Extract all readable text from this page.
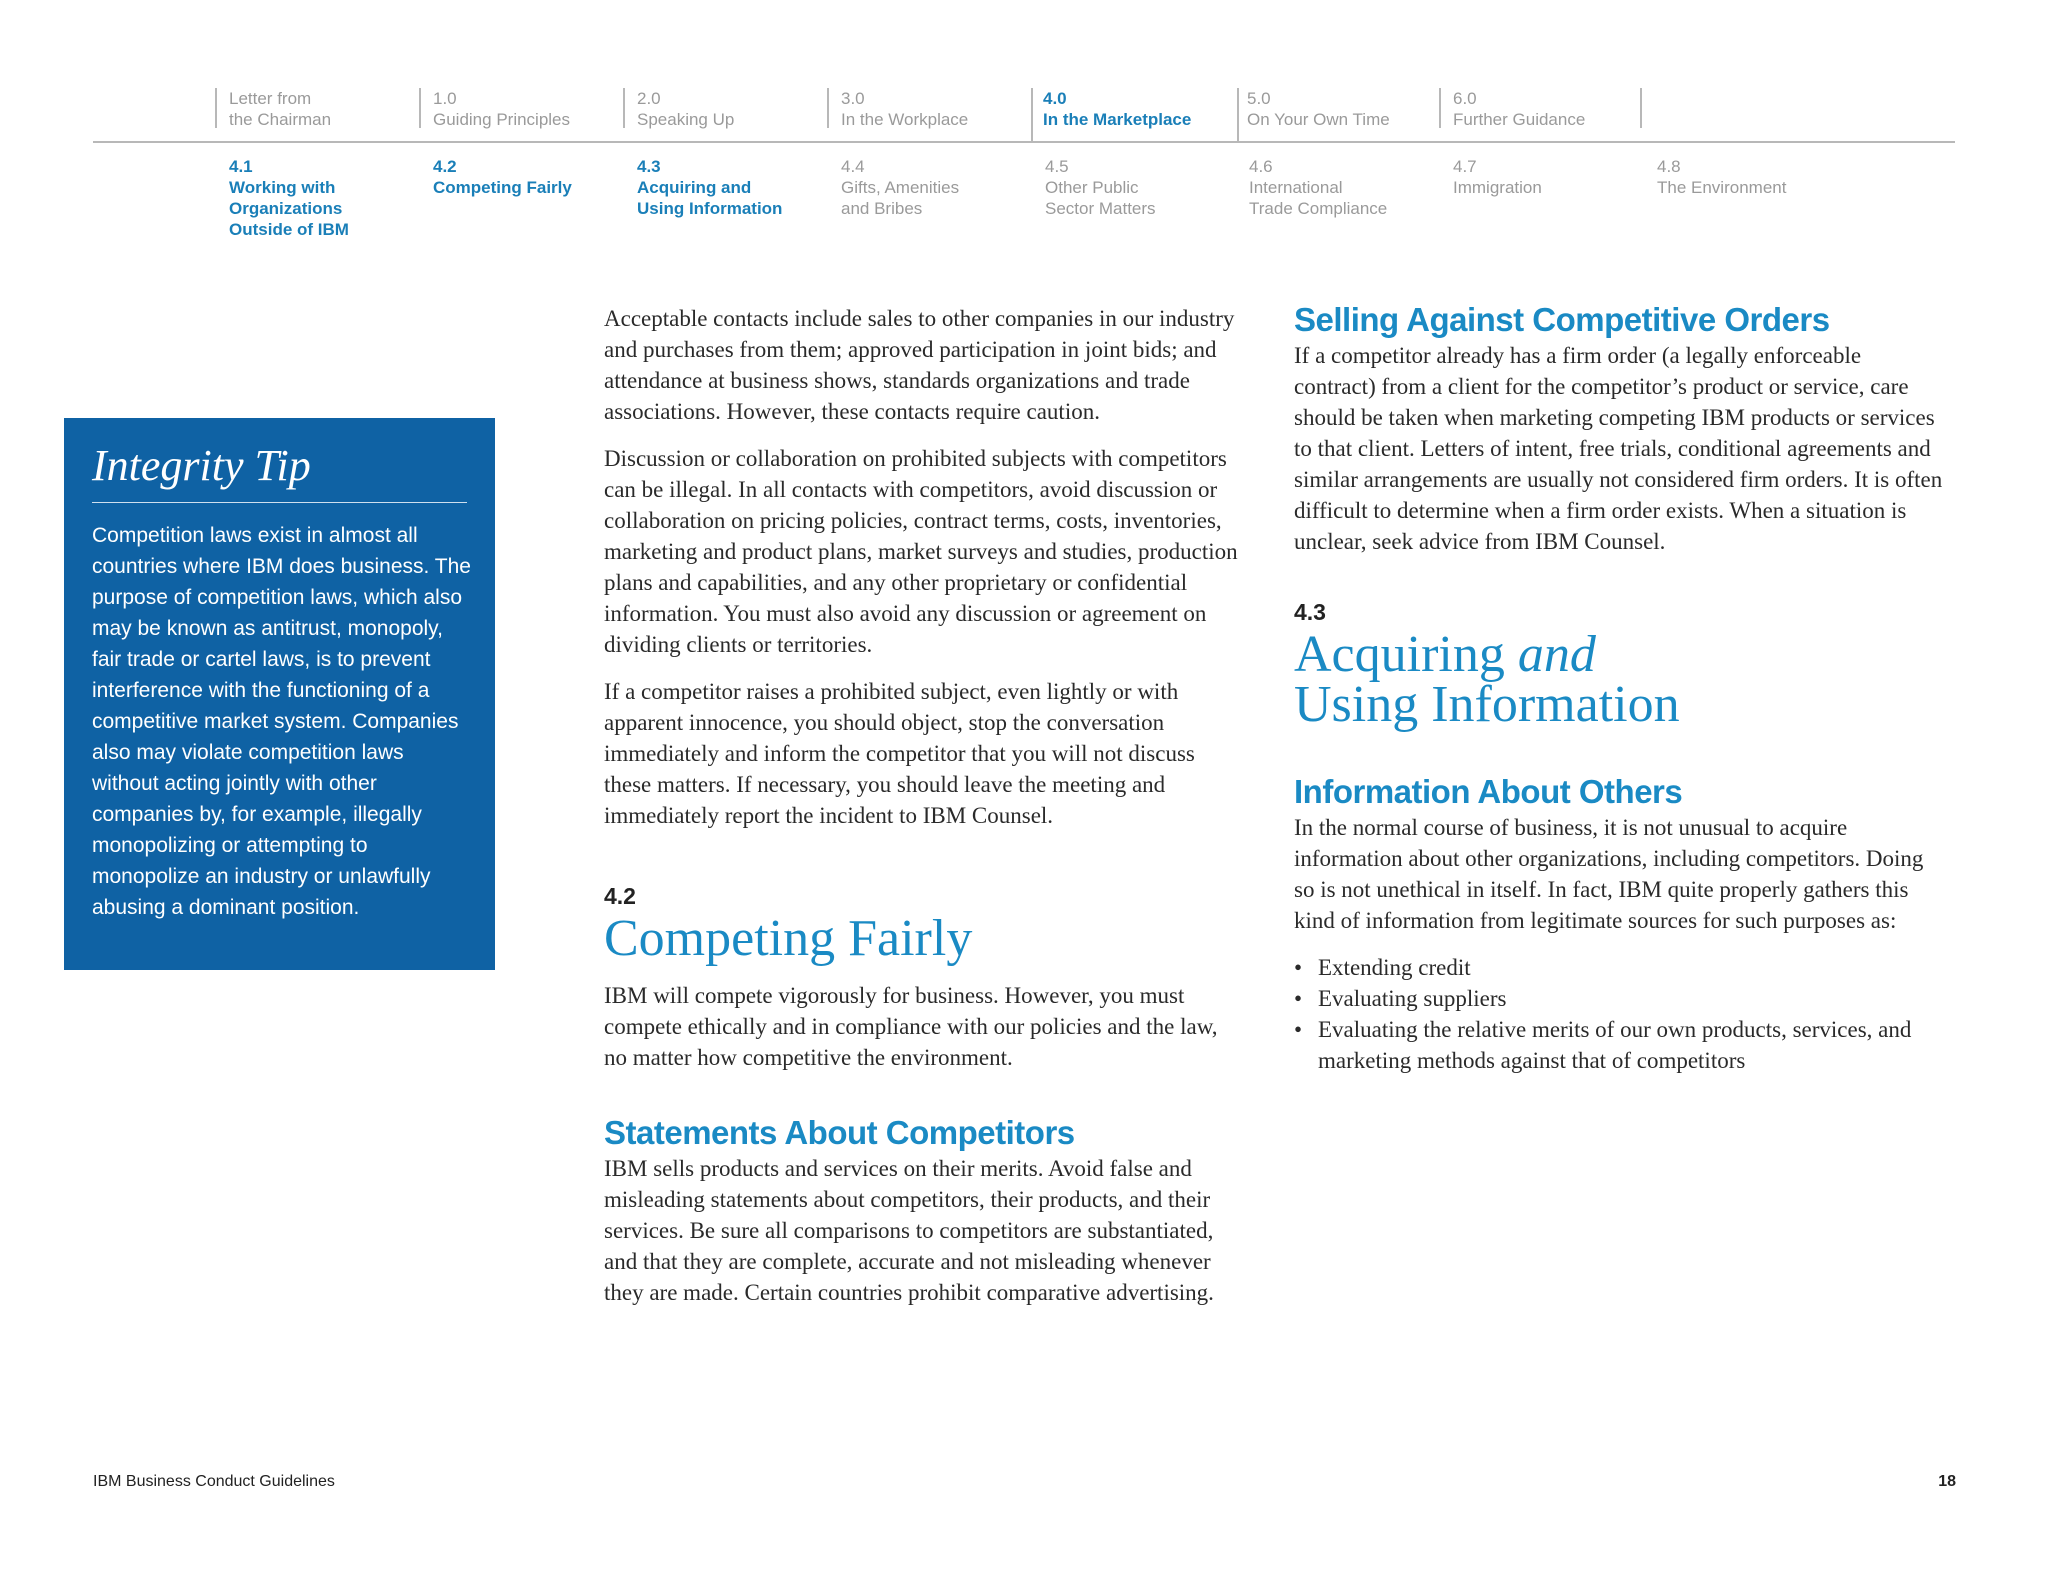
Letter from
the Chairman
1.0
Guiding Principles
2.0
Speaking Up
3.0
In the Workplace
4.0
In the Marketplace
5.0
On Your Own Time
6.0
Further Guidance
4.1
Working with
Organizations
Outside of IBM
4.2
Competing Fairly
4.3
Acquiring and
Using Information
4.4
Gifts, Amenities
and Bribes
4.5
Other Public
Sector Matters
4.6
International
Trade Compliance
4.7
Immigration
4.8
The Environment
Integrity Tip
Competition laws exist in almost all countries where IBM does business. The purpose of competition laws, which also may be known as antitrust, monopoly, fair trade or cartel laws, is to prevent interference with the functioning of a competitive market system. Companies also may violate competition laws without acting jointly with other companies by, for example, illegally monopolizing or attempting to monopolize an industry or unlawfully abusing a dominant position.

Acceptable contacts include sales to other companies in our industry and purchases from them; approved participation in joint bids; and attendance at business shows, standards organizations and trade associations. However, these contacts require caution.

Discussion or collaboration on prohibited subjects with competitors can be illegal. In all contacts with competitors, avoid discussion or collaboration on pricing policies, contract terms, costs, inventories, marketing and product plans, market surveys and studies, production plans and capabilities, and any other proprietary or confidential information. You must also avoid any discussion or agreement on dividing clients or territories.

If a competitor raises a prohibited subject, even lightly or with apparent innocence, you should object, stop the conversation immediately and inform the competitor that you will not discuss these matters. If necessary, you should leave the meeting and immediately report the incident to IBM Counsel.

4.2
Competing Fairly

IBM will compete vigorously for business. However, you must compete ethically and in compliance with our policies and the law, no matter how competitive the environment.

Statements About Competitors

IBM sells products and services on their merits. Avoid false and misleading statements about competitors, their products, and their services. Be sure all comparisons to competitors are substantiated, and that they are complete, accurate and not misleading whenever they are made. Certain countries prohibit comparative advertising.

Selling Against Competitive Orders

If a competitor already has a firm order (a legally enforceable contract) from a client for the competitor’s product or service, care should be taken when marketing competing IBM products or services to that client. Letters of intent, free trials, conditional agreements and similar arrangements are usually not considered firm orders. It is often difficult to determine when a firm order exists. When a situation is unclear, seek advice from IBM Counsel.

4.3
Acquiring and
Using Information
Information About Others

In the normal course of business, it is not unusual to acquire information about other organizations, including competitors. Doing so is not unethical in itself. In fact, IBM quite properly gathers this kind of information from legitimate sources for such purposes as:

• Extending credit
• Evaluating suppliers
• Evaluating the relative merits of our own products, services, and marketing methods against that of competitors
IBM Business Conduct Guidelines	18
